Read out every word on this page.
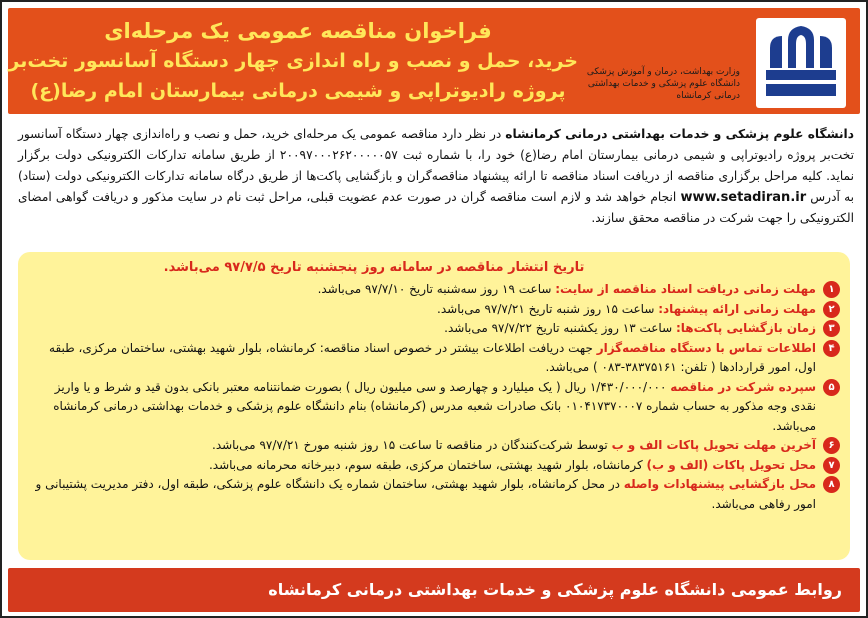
فراخوان مناقصه عمومی یک مرحله‌ای
خرید، حمل و نصب و راه اندازی چهار دستگاه آسانسور تخت‌بر
پروژه رادیوتراپی و شیمی درمانی بیمارستان امام رضا(ع)
وزارت بهداشت، درمان و آموزش پزشکی
دانشگاه علوم پزشکی و خدمات بهداشتی درمانی کرمانشاه
دانشگاه علوم پزشکی و خدمات بهداشتی درمانی کرمانشاه در نظر دارد مناقصه عمومی یک مرحله‌ای خرید، حمل و نصب و راه‌اندازی چهار دستگاه آسانسور تخت‌بر پروژه رادیوتراپی و شیمی درمانی بیمارستان امام رضا(ع) خود را، با شماره ثبت ۲۰۰۹۷۰۰۰۲۶۲۰۰۰۰۰۵۷ از طریق سامانه تدارکات الکترونیکی دولت برگزار نماید. کلیه مراحل برگزاری مناقصه از دریافت اسناد مناقصه تا ارائه پیشنهاد مناقصه‌گران و بازگشایی پاکت‌ها از طریق درگاه سامانه تدارکات الکترونیکی دولت (ستاد) به آدرس www.setadiran.ir انجام خواهد شد و لازم است مناقصه گران در صورت عدم عضویت قبلی، مراحل ثبت نام در سایت مذکور و دریافت گواهی امضای الکترونیکی را جهت شرکت در مناقصه محقق سازند.
تاریخ انتشار مناقصه در سامانه روز پنجشنبه تاریخ ۹۷/۷/۵ می‌باشد.
۱
مهلت زمانی دریافت اسناد مناقصه از سایت: ساعت ۱۹ روز سه‌شنبه تاریخ ۹۷/۷/۱۰ می‌باشد.
۲
مهلت زمانی ارائه پیشنهاد: ساعت ۱۵ روز شنبه تاریخ ۹۷/۷/۲۱ می‌باشد.
۳
زمان بازگشایی پاکت‌ها: ساعت ۱۳ روز یکشنبه تاریخ ۹۷/۷/۲۲ می‌باشد.
۴
اطلاعات تماس با دستگاه مناقصه‌گزار جهت دریافت اطلاعات بیشتر در خصوص اسناد مناقصه: کرمانشاه، بلوار شهید بهشتی، ساختمان مرکزی، طبقه اول، امور قراردادها ( تلفن: ۳۸۳۷۵۱۶۱-۰۸۳ ) می‌باشد.
۵
سپرده شرکت در مناقصه ۱/۴۳۰/۰۰۰/۰۰۰ ریال ( یک میلیارد و چهارصد و سی میلیون ریال ) بصورت ضمانتنامه معتبر بانکی بدون قید و شرط و یا واریز نقدی وجه مذکور به حساب شماره ۰۱۰۴۱۷۳۷۰۰۰۷ بانک صادرات شعبه مدرس (کرمانشاه) بنام دانشگاه علوم پزشکی و خدمات بهداشتی درمانی کرمانشاه می‌باشد.
۶
آخرین مهلت تحویل پاکات الف و ب توسط شرکت‌کنندگان در مناقصه تا ساعت ۱۵ روز شنبه مورخ ۹۷/۷/۲۱ می‌باشد.
۷
محل تحویل پاکات (الف و ب) کرمانشاه، بلوار شهید بهشتی، ساختمان مرکزی، طبقه سوم، دبیرخانه محرمانه می‌باشد.
۸
محل بازگشایی پیشنهادات واصله در محل کرمانشاه، بلوار شهید بهشتی، ساختمان شماره یک دانشگاه علوم پزشکی، طبقه اول، دفتر مدیریت پشتیبانی و امور رفاهی می‌باشد.
روابط عمومی دانشگاه علوم پزشکی و خدمات بهداشتی درمانی کرمانشاه
